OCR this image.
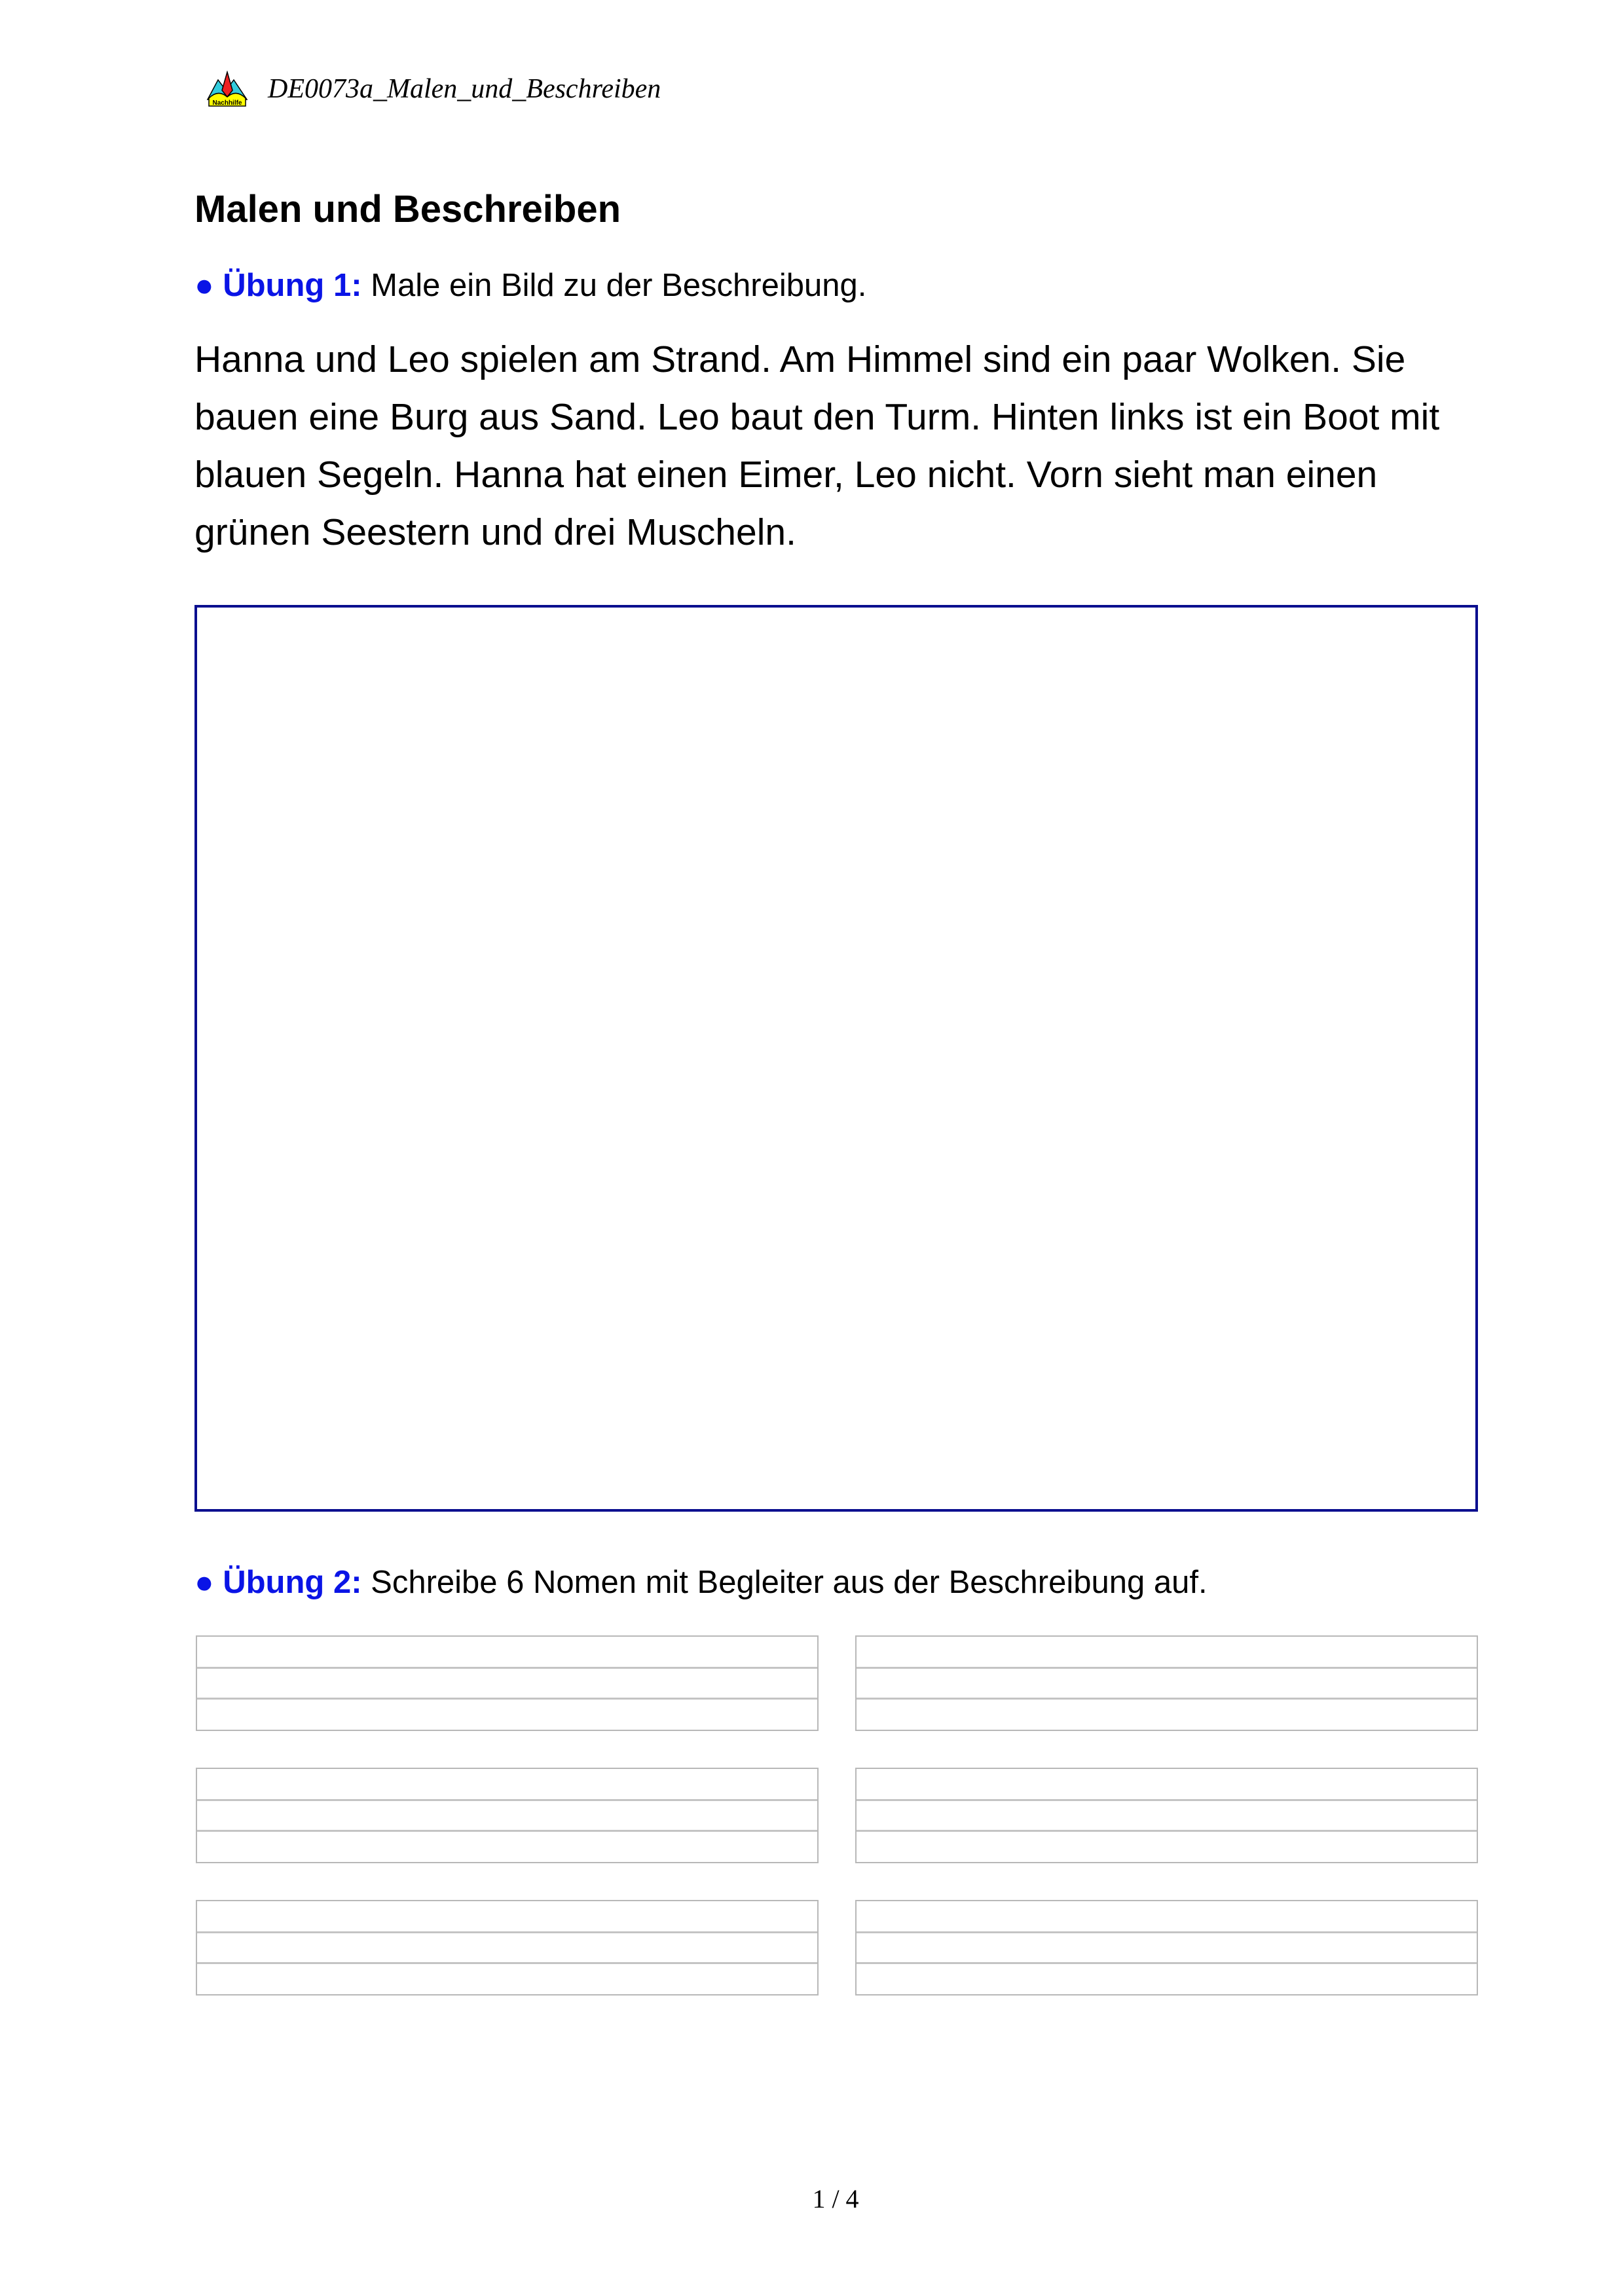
Nachhilfe DE0073a_Malen_und_Beschreiben
Malen und Beschreiben
● Übung 1: Male ein Bild zu der Beschreibung.
Hanna und Leo spielen am Strand. Am Himmel sind ein paar Wolken. Sie bauen eine Burg aus Sand. Leo baut den Turm. Hinten links ist ein Boot mit blauen Segeln. Hanna hat einen Eimer, Leo nicht. Vorn sieht man einen grünen Seestern und drei Muscheln.
● Übung 2: Schreibe 6 Nomen mit Begleiter aus der Beschreibung auf.
1 / 4
